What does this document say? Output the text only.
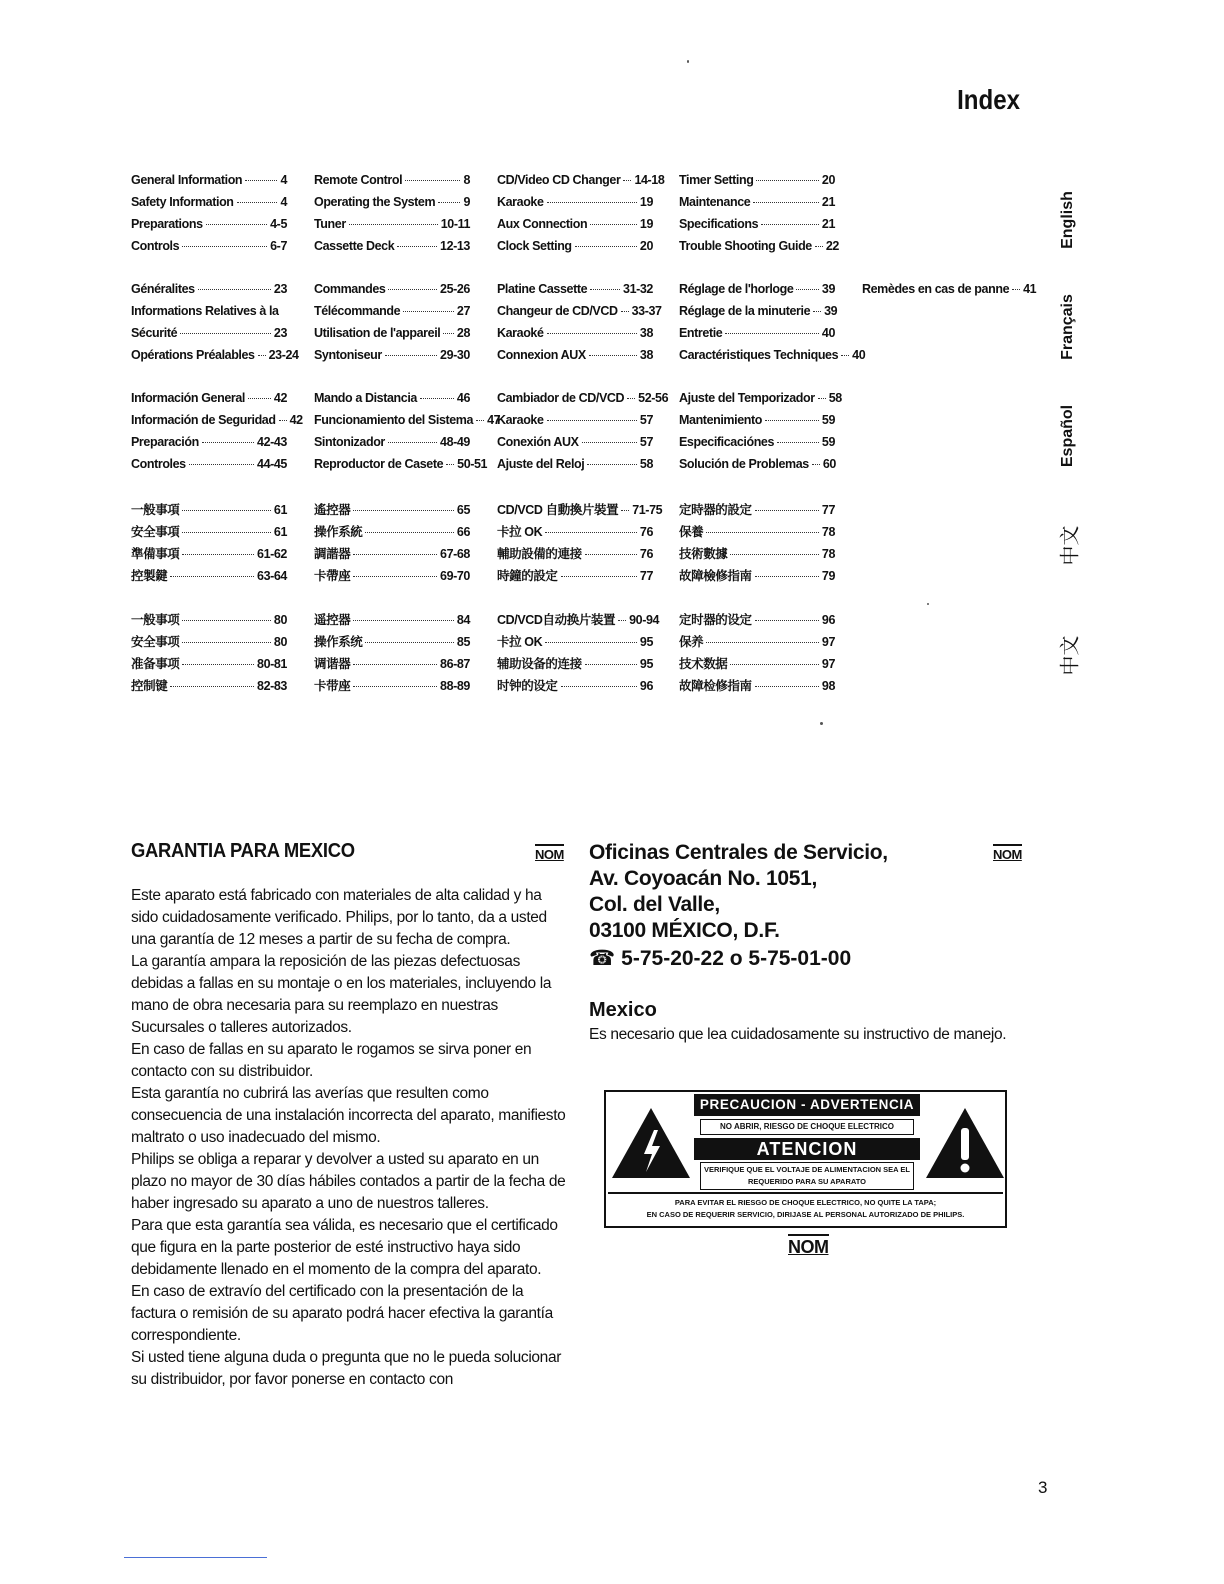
Index
General Information	4
Safety Information	4
Preparations	4-5
Controls	6-7
Remote Control	8
Operating the System 9
Tuner	10-11
Cassette Deck	12-13
CD/Video CD Changer 14-18
Karaoke	19
Aux Connection	19
Clock Setting	20
Timer Setting	20
Maintenance	21
Specifications	21
Trouble Shooting Guide 22
Généralites	23
Informations Relatives à la
Sécurité	23
Opérations Préalables 23-24
Commandes	25-26
Télécommande	27
Utilisation de l'appareil 28
Syntoniseur	29-30
Platine Cassette	31-32
Changeur de CD/VCD 33-37
Karaoké	38
Connexion AUX	38
Réglage de l'horloge 39
Réglage de la minuterie 39
Entretie	40
Caractéristiques Techniques 40
Remèdes en cas de panne 41
Información General 42
Información de Seguridad 42
Preparación	42-43
Controles	44-45
Mando a Distancia	46
Funcionamiento del Sistema 47
Sintonizador	48-49
Reproductor de Casete 50-51
Cambiador de CD/VCD 52-56
Karaoke	57
Conexión AUX	57
Ajuste del Reloj	58
Ajuste del Temporizador 58
Mantenimiento	59
Especificaciónes	59
Solución de Problemas 60
一般事項	61
安全事項	61
準備事項	61-62
控製鍵	63-64
遙控器	65
操作系統	66
調諧器	67-68
卡帶座	69-70
CD/VCD 自動換片裝置 71-75
卡拉 OK	76
輔助設備的連接	76
時鐘的設定	77
定時器的設定	77
保養	78
技術數據	78
故障檢修指南	79
一般事项	80
安全事项	80
准备事项	80-81
控制键	82-83
遥控器	84
操作系统	85
调谐器	86-87
卡带座	88-89
CD/VCD自动换片装置 90-94
卡拉 OK	95
辅助设备的连接	95
时钟的设定	96
定时器的设定	96
保养	97
技术数据	97
故障检修指南	98
English
Français
Español
中文
中文
GARANTIA PARA MEXICO

Este aparato está fabricado con materiales de alta calidad y ha sido cuidadosamente verificado. Philips, por lo tanto, da a usted una garantía de 12 meses a partir de su fecha de compra.

La garantía ampara la reposición de las piezas defectuosas debidas a fallas en su montaje o en los materiales, incluyendo la mano de obra necesaria para su reemplazo en nuestras Sucursales o talleres autorizados.

En caso de fallas en su aparato le rogamos se sirva poner en contacto con su distribuidor.

Esta garantía no cubrirá las averías que resulten como consecuencia de una instalación incorrecta del aparato, manifiesto maltrato o uso inadecuado del mismo.

Philips se obliga a reparar y devolver a usted su aparato en un plazo no mayor de 30 días hábiles contados a partir de la fecha de haber ingresado su aparato a uno de nuestros talleres.

Para que esta garantía sea válida, es necesario que el certificado que figura en la parte posterior de esté instructivo haya sido debidamente llenado en el momento de la compra del aparato.

En caso de extravío del certificado con la presentación de la factura o remisión de su aparato podrá hacer efectiva la garantía correspondiente.

Si usted tiene alguna duda o pregunta que no le pueda solucionar su distribuidor, por favor ponerse en contacto con

NOM Oficinas Centrales de Servicio,
Av. Coyoacán No. 1051,
Col. del Valle,
03100 MÉXICO, D.F.
☎ 5-75-20-22 o 5-75-01-00
Mexico
Es necesario que lea cuidadosamente su instructivo de manejo.
NOM
PRECAUCION - ADVERTENCIA
NO ABRIR, RIESGO DE CHOQUE ELECTRICO
ATENCION
VERIFIQUE QUE EL VOLTAJE DE ALIMENTACION SEA EL REQUERIDO PARA SU APARATO
PARA EVITAR EL RIESGO DE CHOQUE ELECTRICO, NO QUITE LA TAPA;
EN CASO DE REQUERIR SERVICIO, DIRIJASE AL PERSONAL AUTORIZADO DE PHILIPS.
NOM
3
